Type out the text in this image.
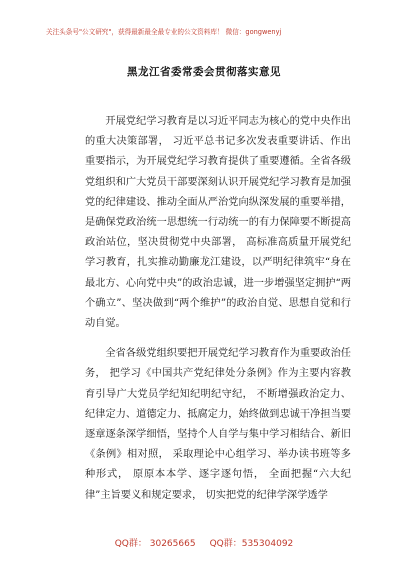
关注头条号"公文研究"，获得最新最全最专业的公文资料库！ 微信：gongwenyj
黑龙江省委常委会贯彻落实意见

开展党纪学习教育是以习近平同志为核心的党中央作出的重大决策部署， 习近平总书记多次发表重要讲话、作出重要指示，为开展党纪学习教育提供了重要遵循。全省各级党组织和广大党员干部要深刻认识开展党纪学习教育是加强党的纪律建设、推动全面从严治党向纵深发展的重要举措，是确保党政治统一思想统一行动统一的有力保障要不断提高政治站位，坚决贯彻党中央部署， 高标准高质量开展党纪学习教育，扎实推动勤廉龙江建设，以严明纪律筑牢“身在最北方、心向党中央”的政治忠诚，进一步增强坚定拥护“两个确立”、坚决做到“两个维护”的政治自觉、思想自觉和行动自觉。

全省各级党组织要把开展党纪学习教育作为重要政治任务， 把学习《中国共产党纪律处分条例》作为主要内容教育引导广大党员学纪知纪明纪守纪， 不断增强政治定力、纪律定力、道德定力、抵腐定力，始终做到忠诚干净担当要逐章逐条深学细悟，坚持个人自学与集中学习相结合、新旧《条例》相对照， 采取理论中心组学习、举办读书班等多种形式， 原原本本学、逐字逐句悟， 全面把握“六大纪律”主旨要义和规定要求， 切实把党的纪律学深学透学

QQ群： 30265665 QQ群：535304092
